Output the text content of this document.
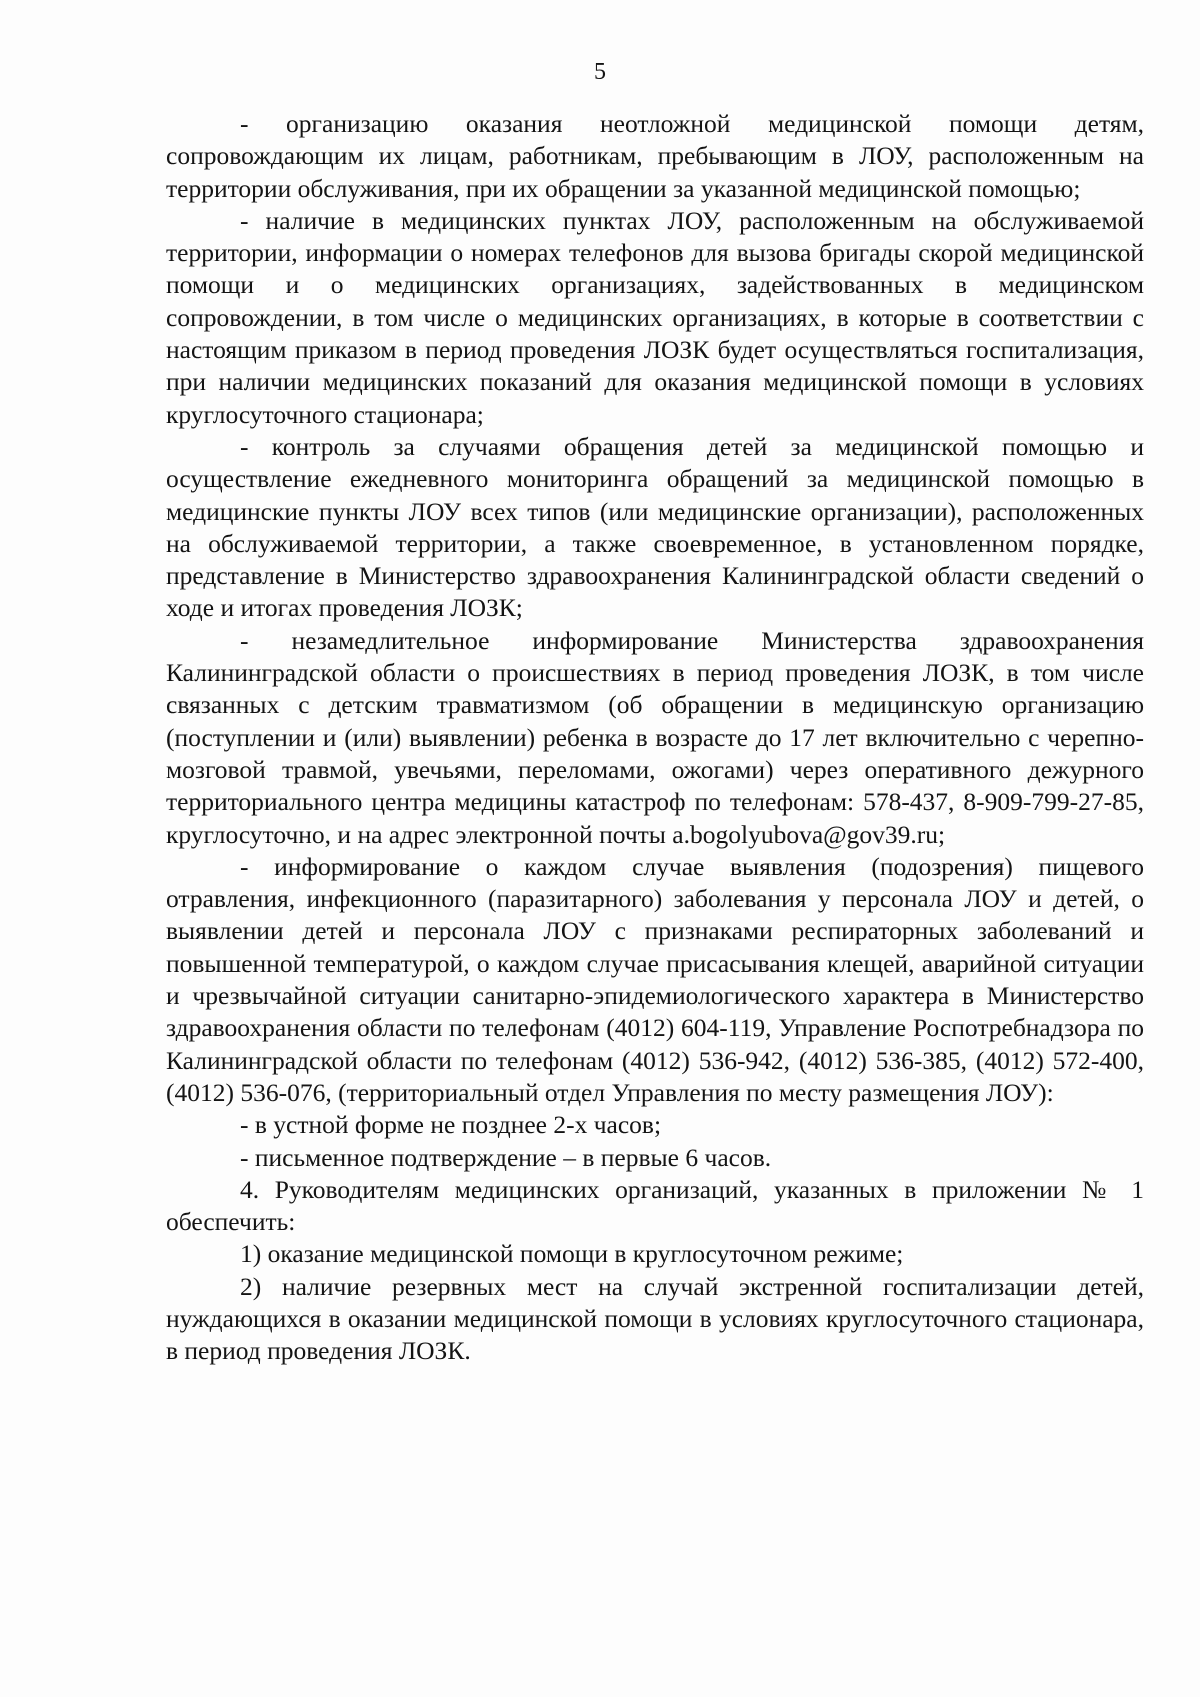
5

- организацию оказания неотложной медицинской помощи детям, сопровождающим их лицам, работникам, пребывающим в ЛОУ, расположенным на территории обслуживания, при их обращении за указанной медицинской помощью;

- наличие в медицинских пунктах ЛОУ, расположенным на обслуживаемой территории, информации о номерах телефонов для вызова бригады скорой медицинской помощи и о медицинских организациях, задействованных в медицинском сопровождении, в том числе о медицинских организациях, в которые в соответствии с настоящим приказом в период проведения ЛОЗК будет осуществляться госпитализация, при наличии медицинских показаний для оказания медицинской помощи в условиях круглосуточного стационара;

- контроль за случаями обращения детей за медицинской помощью и осуществление ежедневного мониторинга обращений за медицинской помощью в медицинские пункты ЛОУ всех типов (или медицинские организации), расположенных на обслуживаемой территории, а также своевременное, в установленном порядке, представление в Министерство здравоохранения Калининградской области сведений о ходе и итогах проведения ЛОЗК;

- незамедлительное информирование Министерства здравоохранения Калининградской области о происшествиях в период проведения ЛОЗК, в том числе связанных с детским травматизмом (об обращении в медицинскую организацию (поступлении и (или) выявлении) ребенка в возрасте до 17 лет включительно с черепно-мозговой травмой, увечьями, переломами, ожогами) через оперативного дежурного территориального центра медицины катастроф по телефонам: 578-437, 8-909-799-27-85, круглосуточно, и на адрес электронной почты a.bogolyubova@gov39.ru;

- информирование о каждом случае выявления (подозрения) пищевого отравления, инфекционного (паразитарного) заболевания у персонала ЛОУ и детей, о выявлении детей и персонала ЛОУ с признаками респираторных заболеваний и повышенной температурой, о каждом случае присасывания клещей, аварийной ситуации и чрезвычайной ситуации санитарно-эпидемиологического характера в Министерство здравоохранения области по телефонам (4012) 604-119, Управление Роспотребнадзора по Калининградской области по телефонам (4012) 536-942, (4012) 536-385, (4012) 572-400, (4012) 536-076, (территориальный отдел Управления по месту размещения ЛОУ):

- в устной форме не позднее 2-х часов;

- письменное подтверждение – в первые 6 часов.

4. Руководителям медицинских организаций, указанных в приложении № 1 обеспечить:

1) оказание медицинской помощи в круглосуточном режиме;

2) наличие резервных мест на случай экстренной госпитализации детей, нуждающихся в оказании медицинской помощи в условиях круглосуточного стационара, в период проведения ЛОЗК.
